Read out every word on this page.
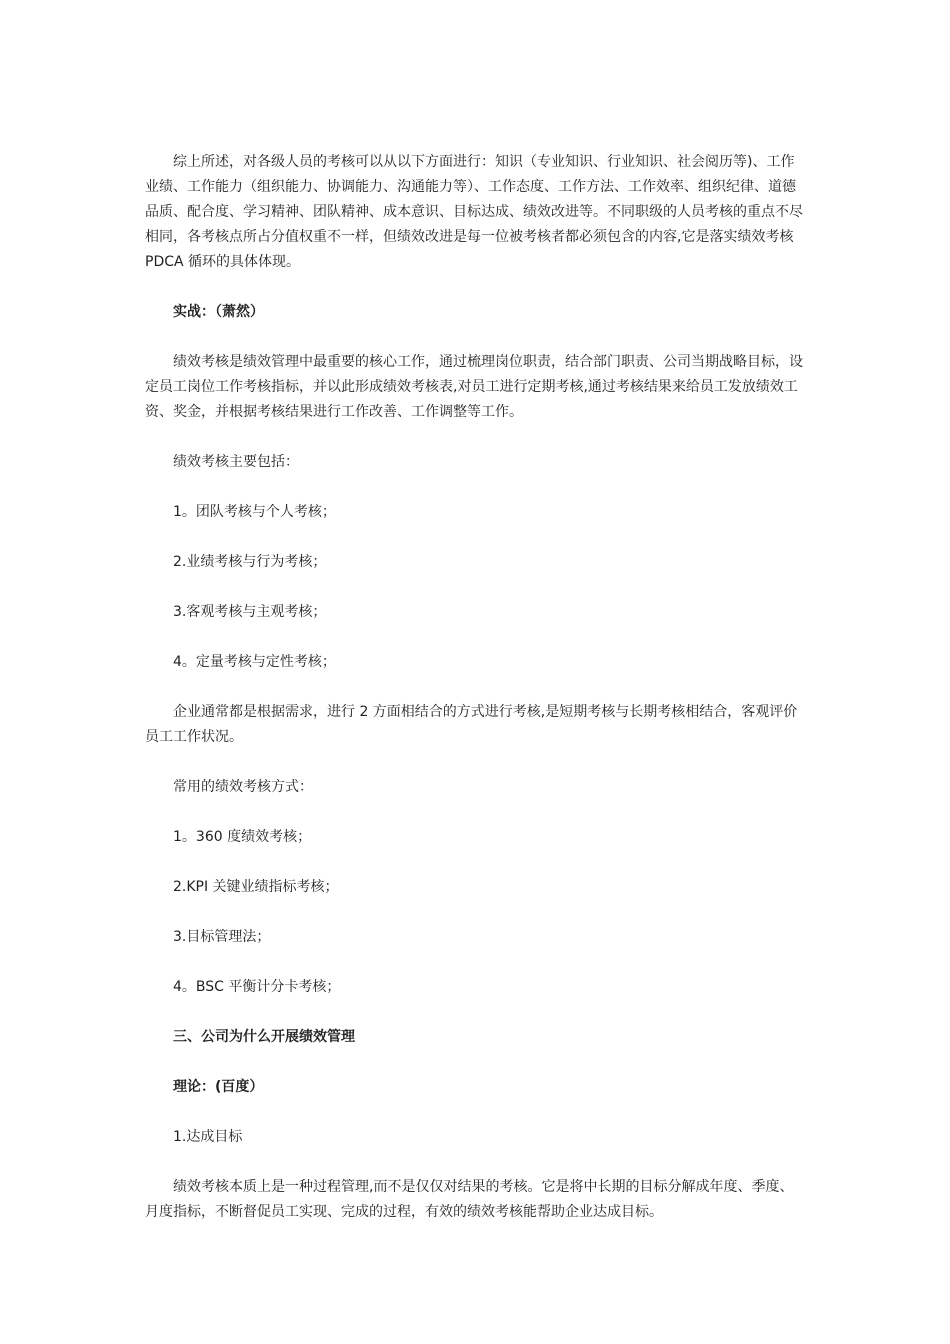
综上所述，对各级人员的考核可以从以下方面进行：知识（专业知识、行业知识、社会阅历等)、工作业绩、工作能力（组织能力、协调能力、沟通能力等）、工作态度、工作方法、工作效率、组织纪律、道德品质、配合度、学习精神、团队精神、成本意识、目标达成、绩效改进等。不同职级的人员考核的重点不尽相同，各考核点所占分值权重不一样，但绩效改进是每一位被考核者都必须包含的内容,它是落实绩效考核 PDCA 循环的具体体现。

实战：（萧然）

绩效考核是绩效管理中最重要的核心工作，通过梳理岗位职责，结合部门职责、公司当期战略目标，设定员工岗位工作考核指标，并以此形成绩效考核表,对员工进行定期考核,通过考核结果来给员工发放绩效工资、奖金，并根据考核结果进行工作改善、工作调整等工作。

绩效考核主要包括：

1。团队考核与个人考核；

2.业绩考核与行为考核；

3.客观考核与主观考核；

4。定量考核与定性考核；

企业通常都是根据需求，进行 2 方面相结合的方式进行考核,是短期考核与长期考核相结合，客观评价员工工作状况。

常用的绩效考核方式：

1。360 度绩效考核；

2.KPI 关键业绩指标考核；

3.目标管理法；

4。BSC 平衡计分卡考核；

三、公司为什么开展绩效管理

理论：(百度）

1.达成目标

绩效考核本质上是一种过程管理,而不是仅仅对结果的考核。它是将中长期的目标分解成年度、季度、月度指标，不断督促员工实现、完成的过程，有效的绩效考核能帮助企业达成目标。
